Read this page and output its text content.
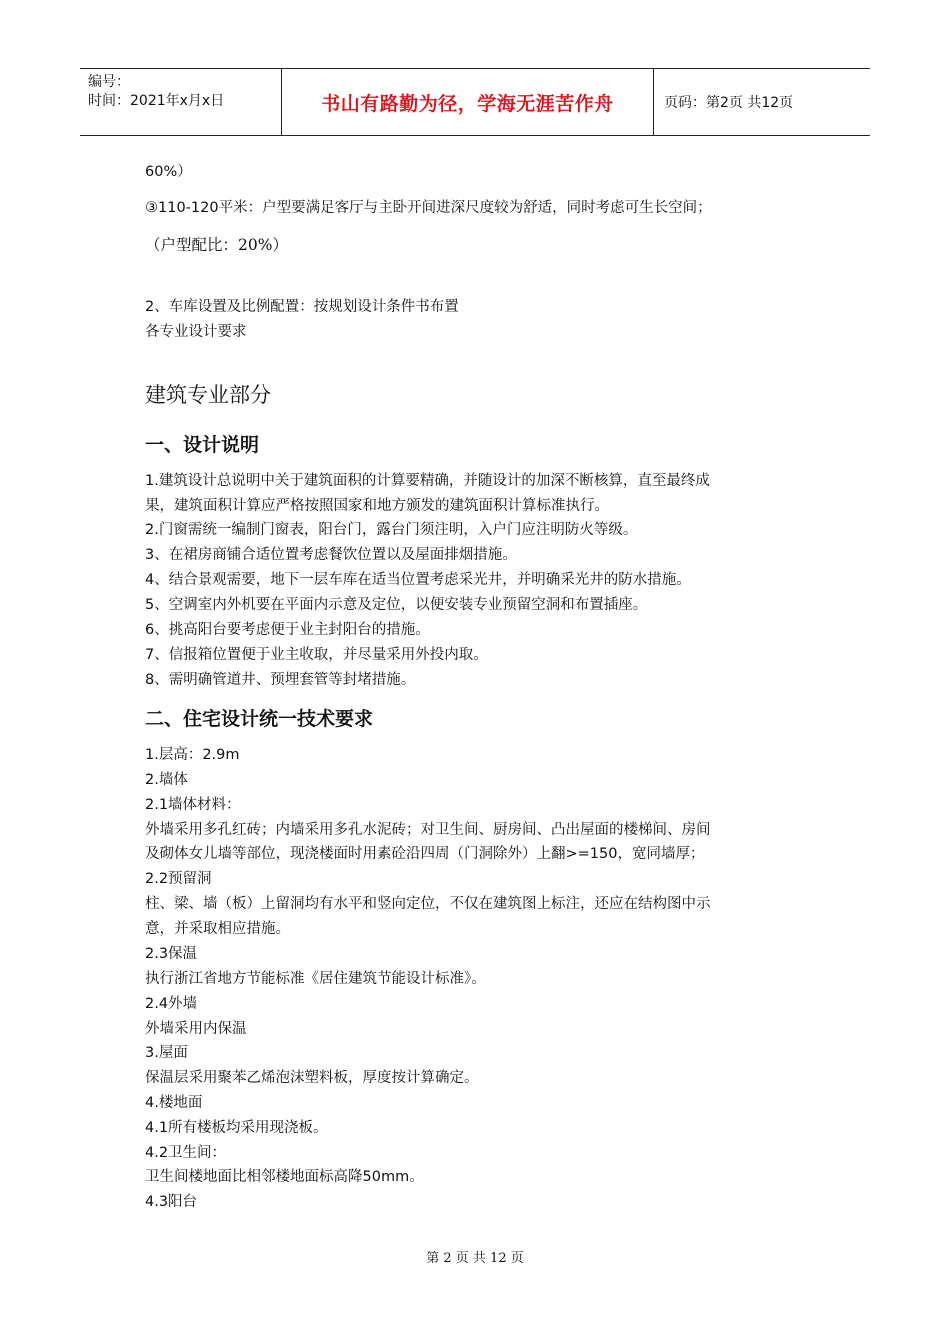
编号：
时间：2021年x月x日	书山有路勤为径，学海无涯苦作舟	页码：第2页 共12页
60%）
③110-120平米：户型要满足客厅与主卧开间进深尺度较为舒适，同时考虑可生长空间；
（户型配比：20%）
2、车库设置及比例配置：按规划设计条件书布置
各专业设计要求
建筑专业部分
一、设计说明
1.建筑设计总说明中关于建筑面积的计算要精确，并随设计的加深不断核算，直至最终成
果，建筑面积计算应严格按照国家和地方颁发的建筑面积计算标准执行。
2.门窗需统一编制门窗表，阳台门，露台门须注明，入户门应注明防火等级。
3、在裙房商铺合适位置考虑餐饮位置以及屋面排烟措施。
4、结合景观需要，地下一层车库在适当位置考虑采光井，并明确采光井的防水措施。
5、空调室内外机要在平面内示意及定位，以便安装专业预留空洞和布置插座。
6、挑高阳台要考虑便于业主封阳台的措施。
7、信报箱位置便于业主收取，并尽量采用外投内取。
8、需明确管道井、预埋套管等封堵措施。
二、住宅设计统一技术要求
1.层高：2.9m
2.墙体
2.1墙体材料：
外墙采用多孔红砖；内墙采用多孔水泥砖；对卫生间、厨房间、凸出屋面的楼梯间、房间
及砌体女儿墙等部位，现浇楼面时用素砼沿四周（门洞除外）上翻>=150，宽同墙厚；
2.2预留洞
柱、梁、墙（板）上留洞均有水平和竖向定位，不仅在建筑图上标注，还应在结构图中示
意，并采取相应措施。
2.3保温
执行浙江省地方节能标准《居住建筑节能设计标准》。
2.4外墙
外墙采用内保温
3.屋面
保温层采用聚苯乙烯泡沫塑料板，厚度按计算确定。
4.楼地面
4.1所有楼板均采用现浇板。
4.2卫生间：
卫生间楼地面比相邻楼地面标高降50mm。
4.3阳台
第 2 页 共 12 页
